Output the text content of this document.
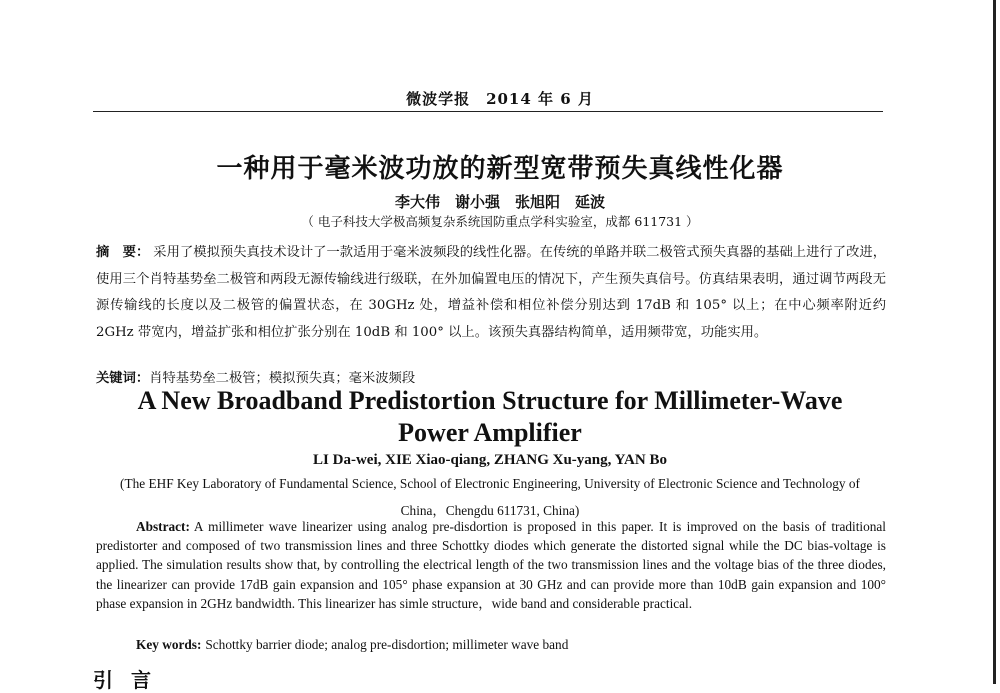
微波学报　2014 年 6 月
一种用于毫米波功放的新型宽带预失真线性化器
李大伟　谢小强　张旭阳　延波
（ 电子科技大学极高频复杂系统国防重点学科实验室，成都 611731 ）
摘　要： 采用了模拟预失真技术设计了一款适用于毫米波频段的线性化器。在传统的单路并联二极管式预失真器的基础上进行了改进，使用三个肖特基势垒二极管和两段无源传输线进行级联，在外加偏置电压的情况下，产生预失真信号。仿真结果表明，通过调节两段无源传输线的长度以及二极管的偏置状态，在 30GHz 处，增益补偿和相位补偿分别达到 17dB 和 105° 以上；在中心频率附近约 2GHz 带宽内，增益扩张和相位扩张分别在 10dB 和 100° 以上。该预失真器结构简单，适用频带宽，功能实用。
关键词：肖特基势垒二极管；模拟预失真；毫米波频段
A New Broadband Predistortion Structure for Millimeter-Wave
Power Amplifier
LI Da-wei, XIE Xiao-qiang, ZHANG Xu-yang, YAN Bo
(The EHF Key Laboratory of Fundamental Science, School of Electronic Engineering, University of Electronic Science and Technology of China，Chengdu 611731, China)
Abstract: A millimeter wave linearizer using analog pre-disdortion is proposed in this paper. It is improved on the basis of traditional predistorter and composed of two transmission lines and three Schottky diodes which generate the distorted signal while the DC bias-voltage is applied. The simulation results show that, by controlling the electrical length of the two transmission lines and the voltage bias of the three diodes, the linearizer can provide 17dB gain expansion and 105° phase expansion at 30 GHz and can provide more than 10dB gain expansion and 100° phase expansion in 2GHz bandwidth. This linearizer has simle structure，wide band and considerable practical.
Key words: Schottky barrier diode; analog pre-disdortion; millimeter wave band
引言
